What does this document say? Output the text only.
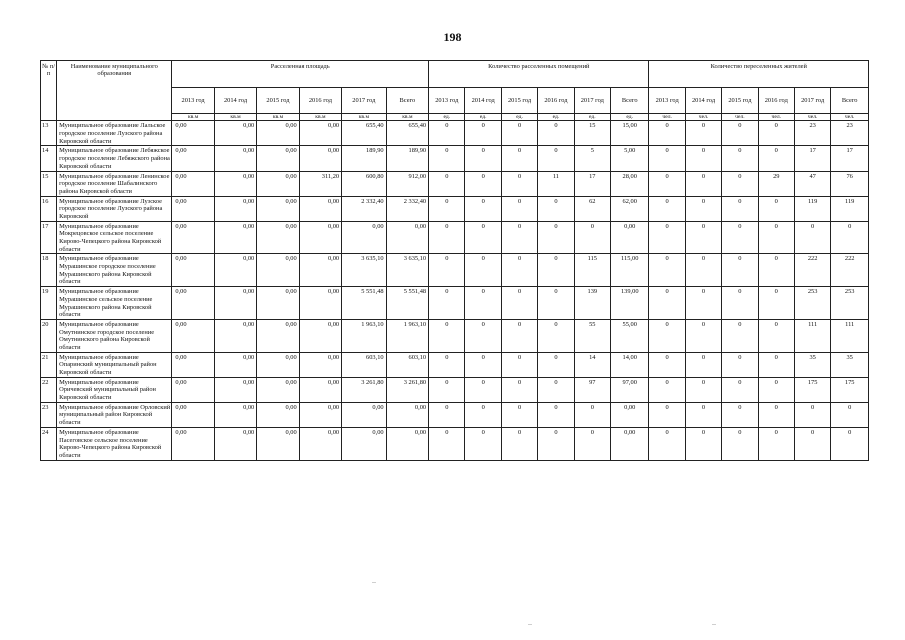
198
№ п/п	Наименование муниципального образования	Расселенная площадь						Количество расселенных помещений						Количество переселенных жителей					
		2013 год	2014 год	2015 год	2016 год	2017 год	Всего	2013 год	2014 год	2015 год	2016 год	2017 год	Всего	2013 год	2014 год	2015 год	2016 год	2017 год	Всего
		кв.м	кв.м	кв.м	кв.м	кв.м	кв.м	ед.	ед.	ед.	ед.	ед.	ед.	чел.	чел.	чел.	чел.	чел.	чел.
13	Муниципальное образование Лальское городское поселение Лузского района Кировской области	0,00	0,00	0,00	0,00	655,40	655,40	0	0	0	0	15	15,00	0	0	0	0	23	23
14	Муниципальное образование Лебяжское городское поселение Лебяжского района Кировской области	0,00	0,00	0,00	0,00	189,90	189,90	0	0	0	0	5	5,00	0	0	0	0	17	17
15	Муниципальное образование Ленинское городское поселение Шабалинского района Кировской области	0,00	0,00	0,00	311,20	600,80	912,00	0	0	0	11	17	28,00	0	0	0	29	47	76
16	Муниципальное образование Лузское городское поселение Лузского района Кировской	0,00	0,00	0,00	0,00	2 332,40	2 332,40	0	0	0	0	62	62,00	0	0	0	0	119	119
17	Муниципальное образование Мокрецовское сельское поселение Кирово-Чепецкого района Кировской области	0,00	0,00	0,00	0,00	0,00	0,00	0	0	0	0	0	0,00	0	0	0	0	0	0
18	Муниципальное образование Мурашинское городское поселение Мурашинского района Кировской области	0,00	0,00	0,00	0,00	3 635,10	3 635,10	0	0	0	0	115	115,00	0	0	0	0	222	222
19	Муниципальное образование Мурашинское сельское поселение Мурашинского района Кировской области	0,00	0,00	0,00	0,00	5 551,48	5 551,48	0	0	0	0	139	139,00	0	0	0	0	253	253
20	Муниципальное образование Омутнинское городское поселение Омутнинского района Кировской области	0,00	0,00	0,00	0,00	1 963,10	1 963,10	0	0	0	0	55	55,00	0	0	0	0	111	111
21	Муниципальное образование Опаринский муниципальный район Кировской области	0,00	0,00	0,00	0,00	603,10	603,10	0	0	0	0	14	14,00	0	0	0	0	35	35
22	Муниципальное образование Оричевский муниципальный район Кировской области	0,00	0,00	0,00	0,00	3 261,80	3 261,80	0	0	0	0	97	97,00	0	0	0	0	175	175
23	Муниципальное образование Орловский муниципальный район Кировской области	0,00	0,00	0,00	0,00	0,00	0,00	0	0	0	0	0	0,00	0	0	0	0	0	0
24	Муниципальное образование Пасеговское сельское поселение Кирово-Чепецкого района Кировской области	0,00	0,00	0,00	0,00	0,00	0,00	0	0	0	0	0	0,00	0	0	0	0	0	0
